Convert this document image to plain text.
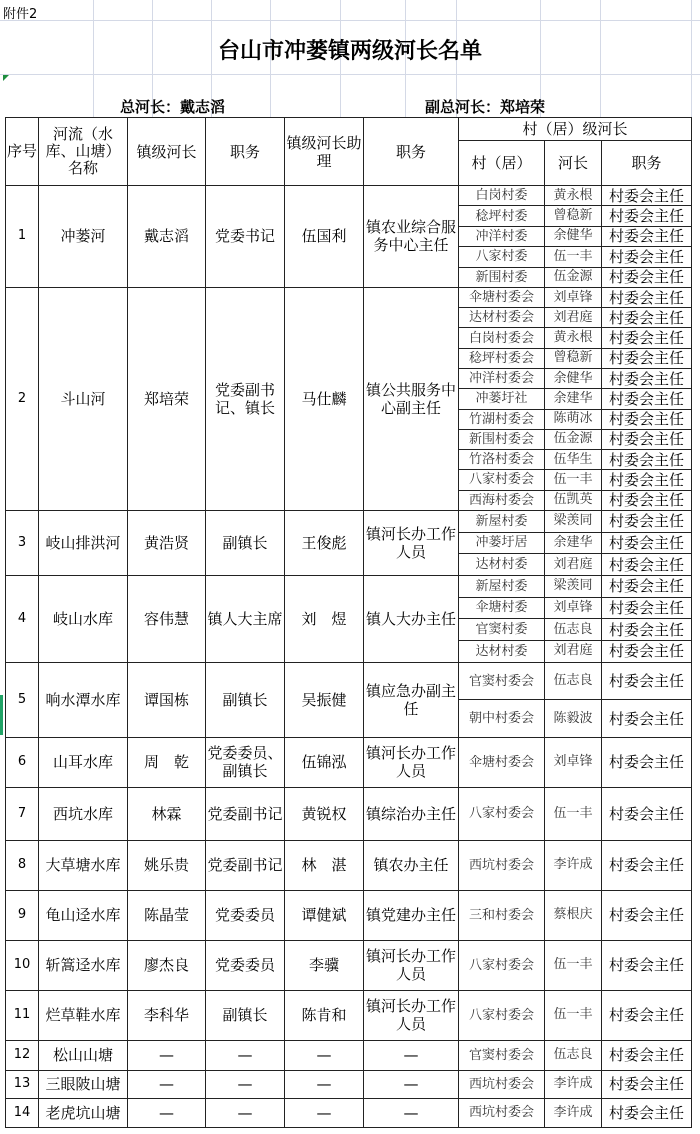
附件2
台山市冲蒌镇两级河长名单
总河长：戴志滔	副总河长：郑培荣
序号	河流（水库、山塘）名称	镇级河长	职务	镇级河长助理	职务	村（居）级河长		
						村（居）	河长	职务
1	冲蒌河	戴志滔	党委书记	伍国利	镇农业综合服务中心主任	白岗村委	黄永根	村委会主任
						稔坪村委	曾稳新	村委会主任
						冲洋村委	余健华	村委会主任
						八家村委	伍一丰	村委会主任
						新围村委	伍金源	村委会主任
2	斗山河	郑培荣	党委副书记、镇长	马仕麟	镇公共服务中心副主任	伞塘村委会	刘卓锋	村委会主任
						达材村委会	刘君庭	村委会主任
						白岗村委会	黄永根	村委会主任
						稔坪村委会	曾稳新	村委会主任
						冲洋村委会	余健华	村委会主任
						冲蒌圩社	余建华	村委会主任
						竹湖村委会	陈萌冰	村委会主任
						新围村委会	伍金源	村委会主任
						竹洛村委会	伍华生	村委会主任
						八家村委会	伍一丰	村委会主任
						西海村委会	伍凯英	村委会主任
3	岐山排洪河	黄浩贤	副镇长	王俊彪	镇河长办工作人员	新屋村委	梁羡同	村委会主任
						冲蒌圩居	余建华	村委会主任
						达材村委	刘君庭	村委会主任
4	岐山水库	容伟慧	镇人大主席	刘　煜	镇人大办主任	新屋村委	梁羡同	村委会主任
						伞塘村委	刘卓锋	村委会主任
						官窦村委	伍志良	村委会主任
						达材村委	刘君庭	村委会主任
5	响水潭水库	谭国栋	副镇长	吴振健	镇应急办副主任	官窦村委会	伍志良	村委会主任
						朝中村委会	陈毅波	村委会主任
6	山耳水库	周　乾	党委委员、副镇长	伍锦泓	镇河长办工作人员	伞塘村委会	刘卓锋	村委会主任
7	西坑水库	林霖	党委副书记	黄锐权	镇综治办主任	八家村委会	伍一丰	村委会主任
8	大草塘水库	姚乐贵	党委副书记	林　湛	镇农办主任	西坑村委会	李许成	村委会主任
9	龟山迳水库	陈晶莹	党委委员	谭健斌	镇党建办主任	三和村委会	蔡根庆	村委会主任
10	斩篙迳水库	廖杰良	党委委员	李骥	镇河长办工作人员	八家村委会	伍一丰	村委会主任
11	烂草鞋水库	李科华	副镇长	陈肯和	镇河长办工作人员	八家村委会	伍一丰	村委会主任
12	松山山塘	—	—	—	—	官窦村委会	伍志良	村委会主任
13	三眼陂山塘	—	—	—	—	西坑村委会	李许成	村委会主任
14	老虎坑山塘	—	—	—	—	西坑村委会	李许成	村委会主任
